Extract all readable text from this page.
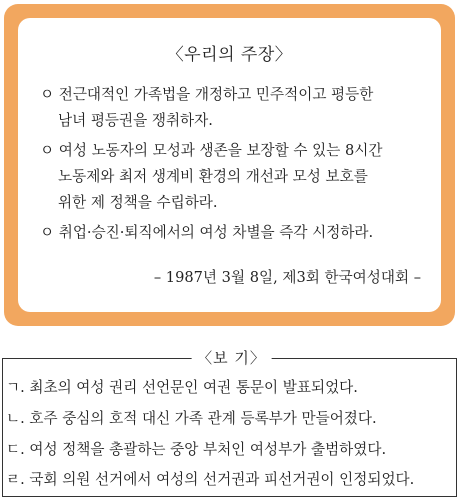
〈우리의 주장〉
ㅇ 전근대적인 가족법을 개정하고 민주적이고 평등한
남녀 평등권을 쟁취하자.
ㅇ 여성 노동자의 모성과 생존을 보장할 수 있는 8시간
노동제와 최저 생계비 환경의 개선과 모성 보호를
위한 제 정책을 수립하라.
ㅇ 취업·승진·퇴직에서의 여성 차별을 즉각 시정하라.
– 1987년 3월 8일, 제3회 한국여성대회 –
〈보 기〉
ㄱ. 최초의 여성 권리 선언문인 여권 통문이 발표되었다.
ㄴ. 호주 중심의 호적 대신 가족 관계 등록부가 만들어졌다.
ㄷ. 여성 정책을 총괄하는 중앙 부처인 여성부가 출범하였다.
ㄹ. 국회 의원 선거에서 여성의 선거권과 피선거권이 인정되었다.
